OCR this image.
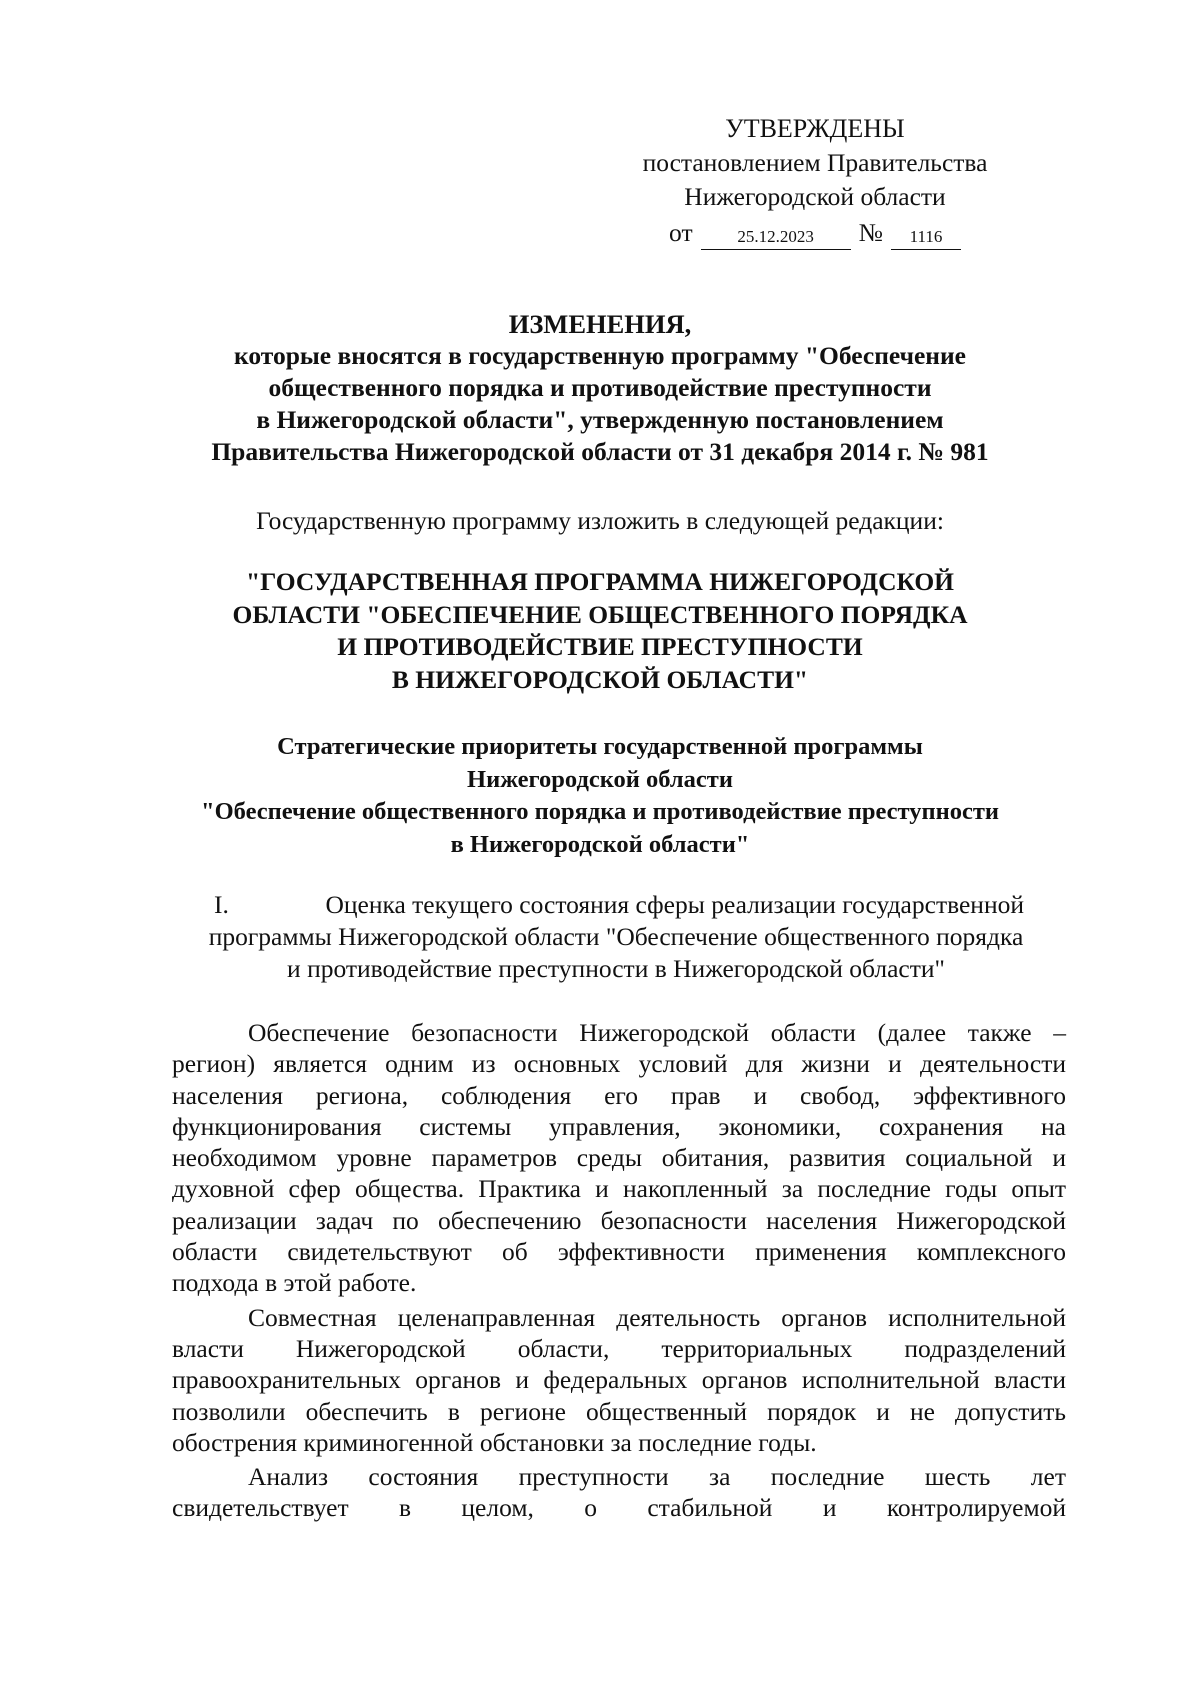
УТВЕРЖДЕНЫ
постановлением Правительства
Нижегородской области
от	25.12.2023	№	1116
ИЗМЕНЕНИЯ,
которые вносятся в государственную программу "Обеспечение
общественного порядка и противодействие преступности
в Нижегородской области", утвержденную постановлением
Правительства Нижегородской области от 31 декабря 2014 г. № 981
Государственную программу изложить в следующей редакции:
"ГОСУДАРСТВЕННАЯ ПРОГРАММА НИЖЕГОРОДСКОЙ
ОБЛАСТИ "ОБЕСПЕЧЕНИЕ ОБЩЕСТВЕННОГО ПОРЯДКА
И ПРОТИВОДЕЙСТВИЕ ПРЕСТУПНОСТИ
В НИЖЕГОРОДСКОЙ ОБЛАСТИ"
Стратегические приоритеты государственной программы
Нижегородской области
"Обеспечение общественного порядка и противодействие преступности
в Нижегородской области"
I.	Оценка текущего состояния сферы реализации государственной
программы Нижегородской области "Обеспечение общественного порядка
и противодействие преступности в Нижегородской области"
Обеспечение безопасности Нижегородской области (далее также –
регион) является одним из основных условий для жизни и деятельности
населения региона, соблюдения его прав и свобод, эффективного
функционирования системы управления, экономики, сохранения на
необходимом уровне параметров среды обитания, развития социальной и
духовной сфер общества. Практика и накопленный за последние годы опыт
реализации задач по обеспечению безопасности населения Нижегородской
области свидетельствуют об эффективности применения комплексного
подхода в этой работе.
Совместная целенаправленная деятельность органов исполнительной
власти Нижегородской области, территориальных подразделений
правоохранительных органов и федеральных органов исполнительной власти
позволили обеспечить в регионе общественный порядок и не допустить
обострения криминогенной обстановки за последние годы.
Анализ состояния преступности за последние шесть лет
свидетельствует в целом, о стабильной и контролируемой
